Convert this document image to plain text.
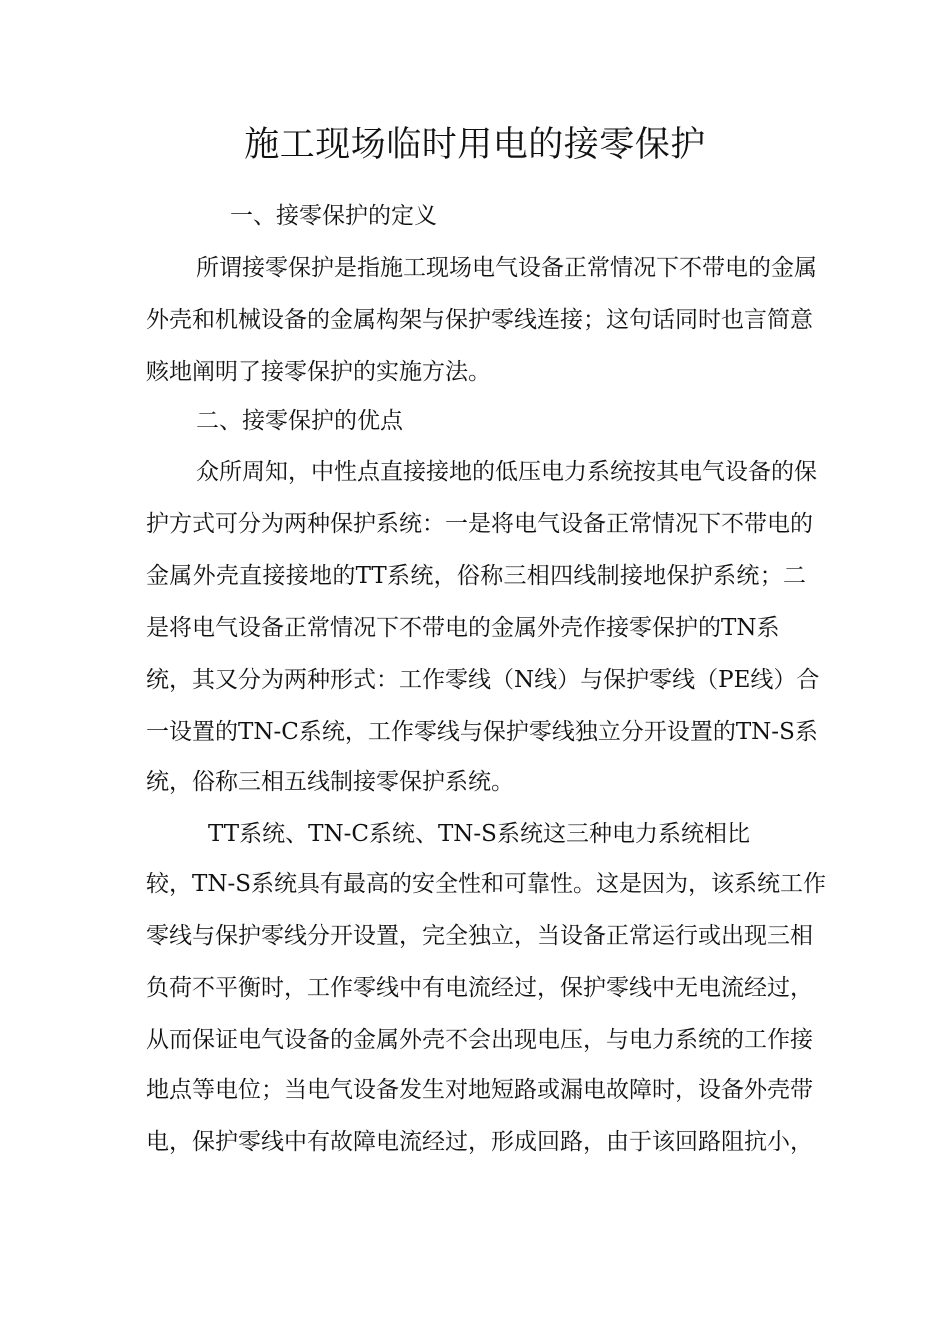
施工现场临时用电的接零保护
一、接零保护的定义
所谓接零保护是指施工现场电气设备正常情况下不带电的金属
外壳和机械设备的金属构架与保护零线连接；这句话同时也言简意
赅地阐明了接零保护的实施方法。
二、接零保护的优点
众所周知，中性点直接接地的低压电力系统按其电气设备的保
护方式可分为两种保护系统：一是将电气设备正常情况下不带电的
金属外壳直接接地的TT系统，俗称三相四线制接地保护系统；二
是将电气设备正常情况下不带电的金属外壳作接零保护的TN系
统，其又分为两种形式：工作零线（N线）与保护零线（PE线）合
一设置的TN-C系统，工作零线与保护零线独立分开设置的TN-S系
统，俗称三相五线制接零保护系统。
TT系统、TN-C系统、TN-S系统这三种电力系统相比
较，TN-S系统具有最高的安全性和可靠性。这是因为，该系统工作
零线与保护零线分开设置，完全独立，当设备正常运行或出现三相
负荷不平衡时，工作零线中有电流经过，保护零线中无电流经过，
从而保证电气设备的金属外壳不会出现电压，与电力系统的工作接
地点等电位；当电气设备发生对地短路或漏电故障时，设备外壳带
电，保护零线中有故障电流经过，形成回路，由于该回路阻抗小，
